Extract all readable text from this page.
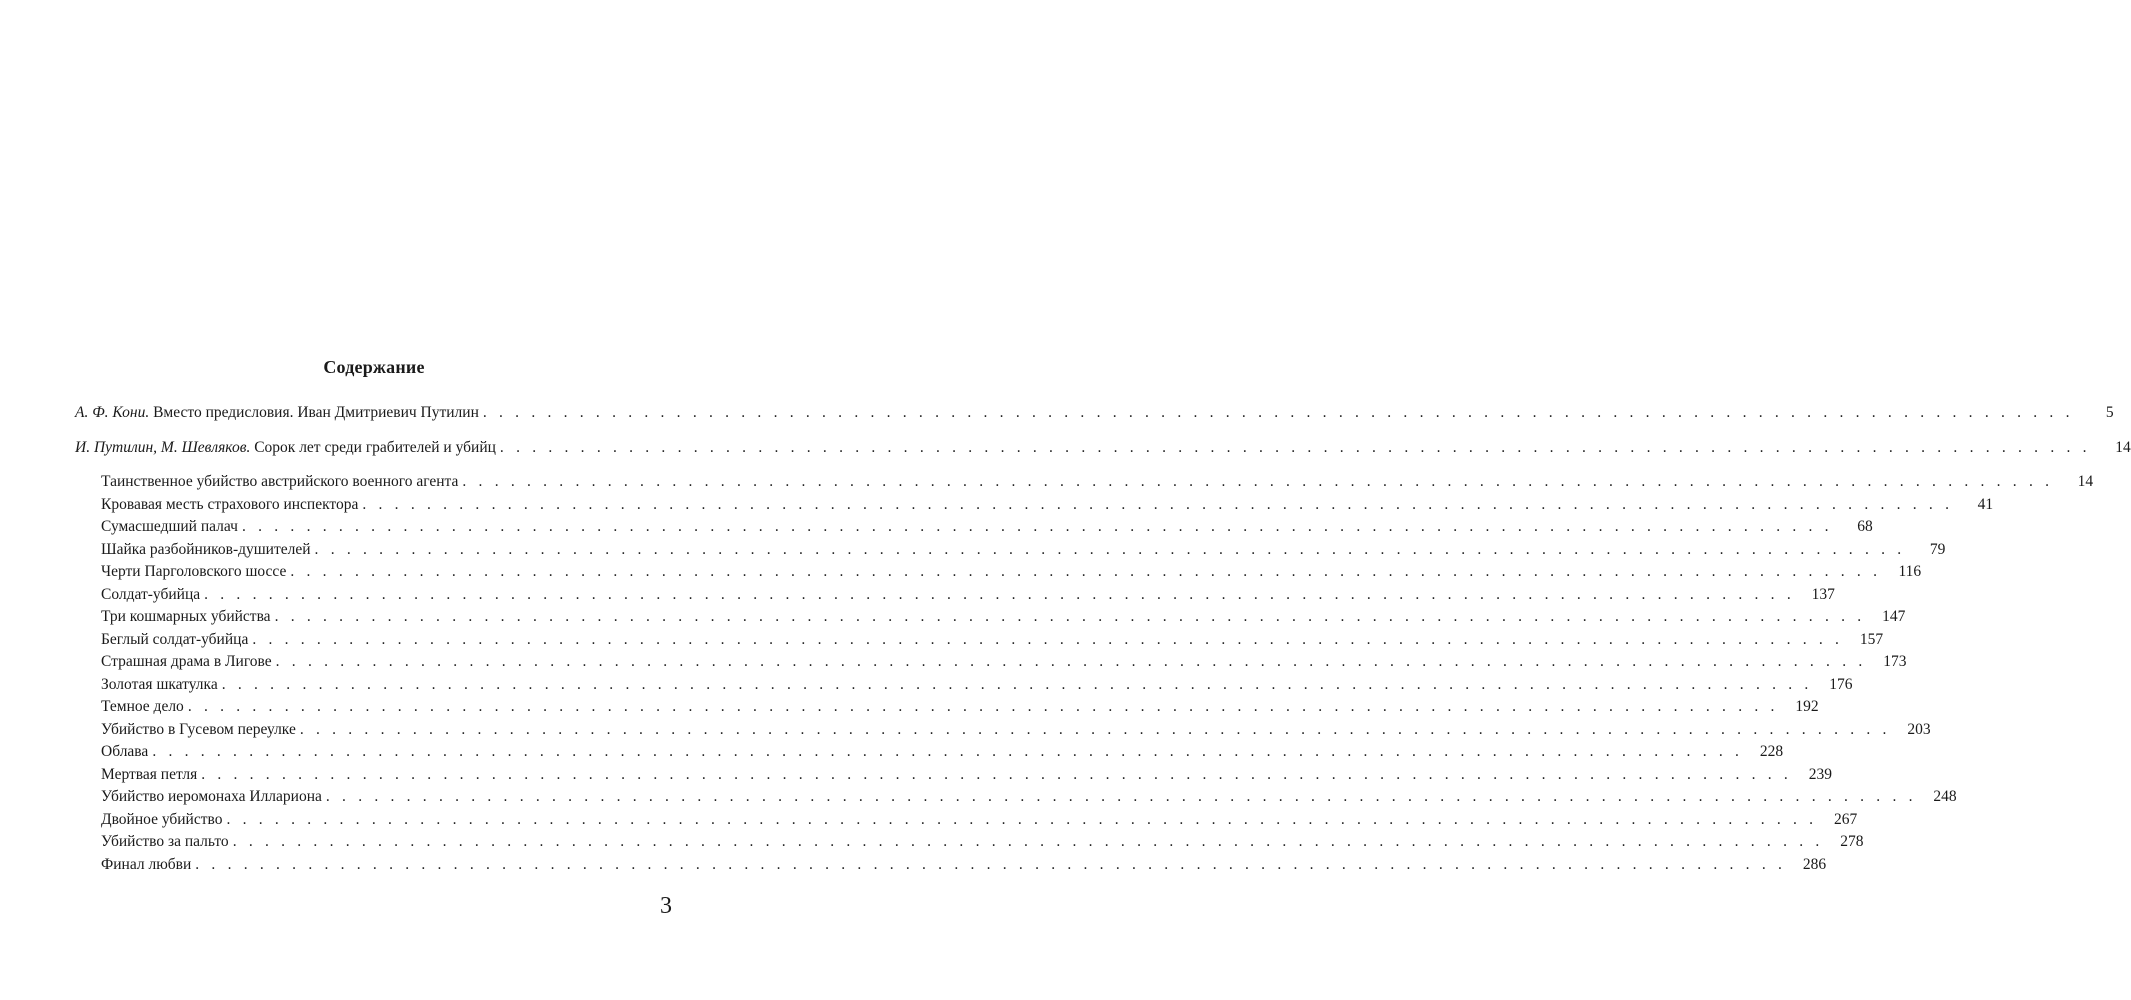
Содержание
А. Ф. Кони. Вместо предисловия. Иван Дмитриевич Путилин . . .	5
И. Путилин, М. Шевляков. Сорок лет среди грабителей и убийц . . .	14
Таинственное убийство австрийского военного агента . . .	14
Кровавая месть страхового инспектора . . .	41
Сумасшедший палач . . .	68
Шайка разбойников-душителей . . .	79
Черти Парголовского шоссе . . .	116
Солдат-убийца . . .	137
Три кошмарных убийства . . .	147
Беглый солдат-убийца . . .	157
Страшная драма в Лигове . . .	173
Золотая шкатулка . . .	176
Темное дело . . .	192
Убийство в Гусевом переулке . . .	203
Облава . . .	228
Мертвая петля . . .	239
Убийство иеромонаха Иллариона . . .	248
Двойное убийство . . .	267
Убийство за пальто . . .	278
Финал любви . . .	286
3
